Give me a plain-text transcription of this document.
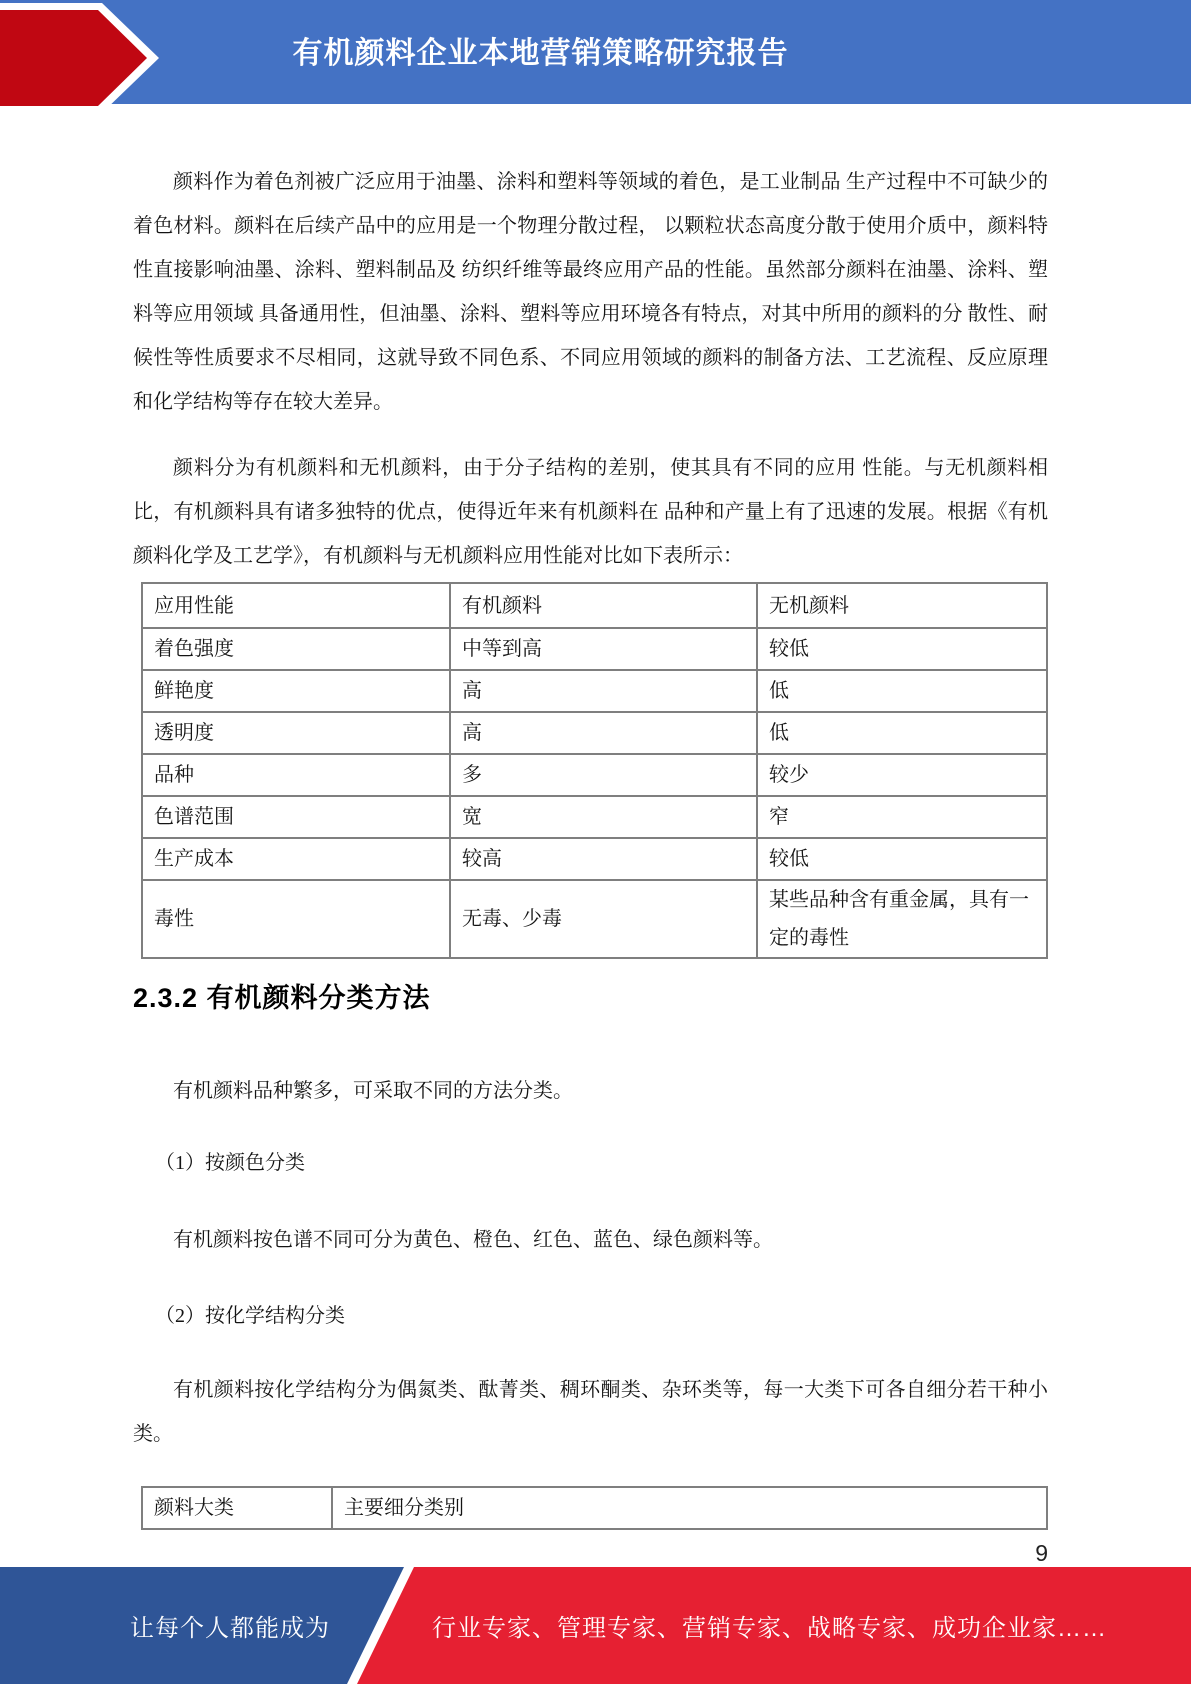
有机颜料企业本地营销策略研究报告

颜料作为着色剂被广泛应用于油墨、涂料和塑料等领域的着色，是工业制品 生产过程中不可缺少的着色材料。颜料在后续产品中的应用是一个物理分散过程， 以颗粒状态高度分散于使用介质中，颜料特性直接影响油墨、涂料、塑料制品及 纺织纤维等最终应用产品的性能。虽然部分颜料在油墨、涂料、塑料等应用领域 具备通用性，但油墨、涂料、塑料等应用环境各有特点，对其中所用的颜料的分 散性、耐候性等性质要求不尽相同，这就导致不同色系、不同应用领域的颜料的制备方法、工艺流程、反应原理和化学结构等存在较大差异。

颜料分为有机颜料和无机颜料，由于分子结构的差别，使其具有不同的应用 性能。与无机颜料相比，有机颜料具有诸多独特的优点，使得近年来有机颜料在 品种和产量上有了迅速的发展。根据《有机颜料化学及工艺学》，有机颜料与无机颜料应用性能对比如下表所示：

应用性能	有机颜料	无机颜料
着色强度	中等到高	较低
鲜艳度	高	低
透明度	高	低
品种	多	较少
色谱范围	宽	窄
生产成本	较高	较低
毒性	无毒、少毒	某些品种含有重金属，具有一定的毒性
2.3.2 有机颜料分类方法

有机颜料品种繁多，可采取不同的方法分类。

（1）按颜色分类

有机颜料按色谱不同可分为黄色、橙色、红色、蓝色、绿色颜料等。

（2）按化学结构分类

有机颜料按化学结构分为偶氮类、酞菁类、稠环酮类、杂环类等，每一大类下可各自细分若干种小类。

颜料大类	主要细分类别
9
让每个人都能成为	行业专家、管理专家、营销专家、战略专家、成功企业家……
